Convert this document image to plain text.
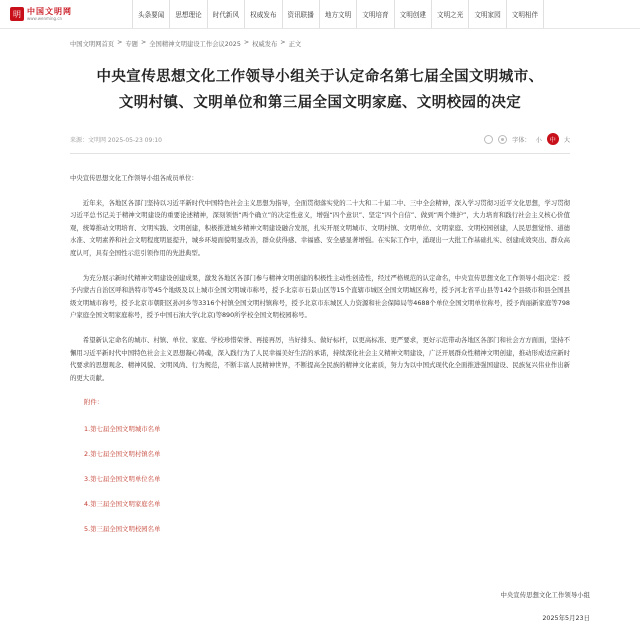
明 中国文明网
www.wenming.cn	头条要闻	思想理论	时代新风	权威发布	资讯联播	地方文明	文明培育	文明创建	文明之光	文明家园	文明相伴
中国文明网首页 > 专题 > 全国精神文明建设工作会议2025 > 权威发布 > 正文
中央宣传思想文化工作领导小组关于认定命名第七届全国文明城市、
文明村镇、文明单位和第三届全国文明家庭、文明校园的决定
来源：文明网 2025-05-23 09:10	字体： 小	中	大

中央宣传思想文化工作领导小组各成员单位：

近年来，各地区各部门坚持以习近平新时代中国特色社会主义思想为指导，全面贯彻落实党的二十大和二十届二中、三中全会精神，深入学习贯彻习近平文化思想，学习贯彻习近平总书记关于精神文明建设的重要论述精神，深刻领悟“两个确立”的决定性意义，增强“四个意识”、坚定“四个自信”、做到“两个维护”，大力培育和践行社会主义核心价值观，统筹推动文明培育、文明实践、文明创建，积极推进城乡精神文明建设融合发展，扎实开展文明城市、文明村镇、文明单位、文明家庭、文明校园创建，人民思想觉悟、道德水准、文明素养和社会文明程度明显提升，城乡环境面貌明显改善，群众获得感、幸福感、安全感显著增强。在实际工作中，涌现出一大批工作基础扎实、创建成效突出、群众高度认可，具有全国性示范引领作用的先进典型。

为充分展示新时代精神文明建设创建成果，激发各地区各部门参与精神文明创建的积极性主动性创造性，经过严格规范的认定命名，中央宣传思想文化工作领导小组决定：授予内蒙古自治区呼和浩特市等45个地级及以上城市全国文明城市称号，授予北京市石景山区等15个直辖市城区全国文明城区称号，授予河北省平山县等142个县级市和县全国县级文明城市称号，授予北京市朝阳区孙河乡等3316个村镇全国文明村镇称号，授予北京市东城区人力资源和社会保障局等4688个单位全国文明单位称号，授予尚丽新家庭等798户家庭全国文明家庭称号，授予中国石油大学(北京)等890所学校全国文明校园称号。

希望新认定命名的城市、村镇、单位、家庭、学校珍惜荣誉、再接再厉，当好排头、做好标杆，以更高标准、更严要求，更好示范带动各地区各部门和社会方方面面，坚持不懈用习近平新时代中国特色社会主义思想凝心铸魂，深入践行为了人民幸福美好生活的承诺，持续深化社会主义精神文明建设，广泛开展群众性精神文明创建，推动形成适应新时代要求的思想观念、精神风貌、文明风尚、行为规范，不断丰富人民精神世界，不断提高全民族的精神文化素质，努力为以中国式现代化全面推进强国建设、民族复兴伟业作出新的更大贡献。

附件：
1.第七届全国文明城市名单
2.第七届全国文明村镇名单
3.第七届全国文明单位名单
4.第三届全国文明家庭名单
5.第三届全国文明校园名单
中央宣传思想文化工作领导小组
2025年5月23日
